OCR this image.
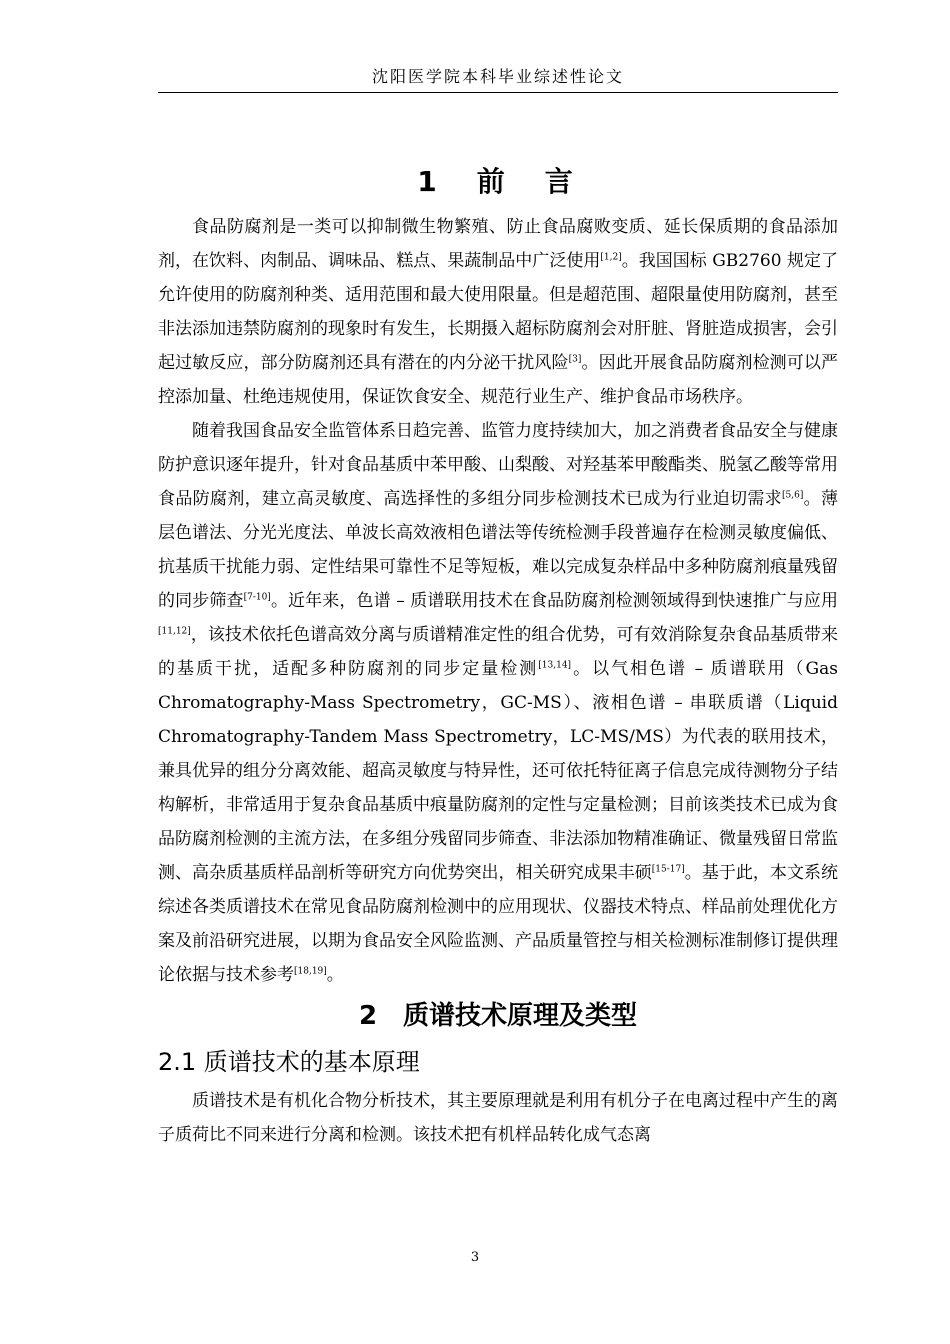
沈阳医学院本科毕业综述性论文
1　前　言

食品防腐剂是一类可以抑制微生物繁殖、防止食品腐败变质、延长保质期的食品添加剂，在饮料、肉制品、调味品、糕点、果蔬制品中广泛使用[1,2]。我国国标 GB2760 规定了允许使用的防腐剂种类、适用范围和最大使用限量。但是超范围、超限量使用防腐剂，甚至非法添加违禁防腐剂的现象时有发生，长期摄入超标防腐剂会对肝脏、肾脏造成损害，会引起过敏反应，部分防腐剂还具有潜在的内分泌干扰风险[3]。因此开展食品防腐剂检测可以严控添加量、杜绝违规使用，保证饮食安全、规范行业生产、维护食品市场秩序。

随着我国食品安全监管体系日趋完善、监管力度持续加大，加之消费者食品安全与健康防护意识逐年提升，针对食品基质中苯甲酸、山梨酸、对羟基苯甲酸酯类、脱氢乙酸等常用食品防腐剂，建立高灵敏度、高选择性的多组分同步检测技术已成为行业迫切需求[5,6]。薄层色谱法、分光光度法、单波长高效液相色谱法等传统检测手段普遍存在检测灵敏度偏低、抗基质干扰能力弱、定性结果可靠性不足等短板，难以完成复杂样品中多种防腐剂痕量残留的同步筛查[7-10]。近年来，色谱 – 质谱联用技术在食品防腐剂检测领域得到快速推广与应用[11,12]，该技术依托色谱高效分离与质谱精准定性的组合优势，可有效消除复杂食品基质带来的基质干扰，适配多种防腐剂的同步定量检测[13,14]。以气相色谱 – 质谱联用（Gas Chromatography-Mass Spectrometry，GC-MS）、液相色谱 – 串联质谱（Liquid Chromatography-Tandem Mass Spectrometry，LC-MS/MS）为代表的联用技术，兼具优异的组分分离效能、超高灵敏度与特异性，还可依托特征离子信息完成待测物分子结构解析，非常适用于复杂食品基质中痕量防腐剂的定性与定量检测；目前该类技术已成为食品防腐剂检测的主流方法，在多组分残留同步筛查、非法添加物精准确证、微量残留日常监测、高杂质基质样品剖析等研究方向优势突出，相关研究成果丰硕[15-17]。基于此，本文系统综述各类质谱技术在常见食品防腐剂检测中的应用现状、仪器技术特点、样品前处理优化方案及前沿研究进展，以期为食品安全风险监测、产品质量管控与相关检测标准制修订提供理论依据与技术参考[18,19]。

2　质谱技术原理及类型
2.1 质谱技术的基本原理

质谱技术是有机化合物分析技术，其主要原理就是利用有机分子在电离过程中产生的离子质荷比不同来进行分离和检测。该技术把有机样品转化成气态离

3
